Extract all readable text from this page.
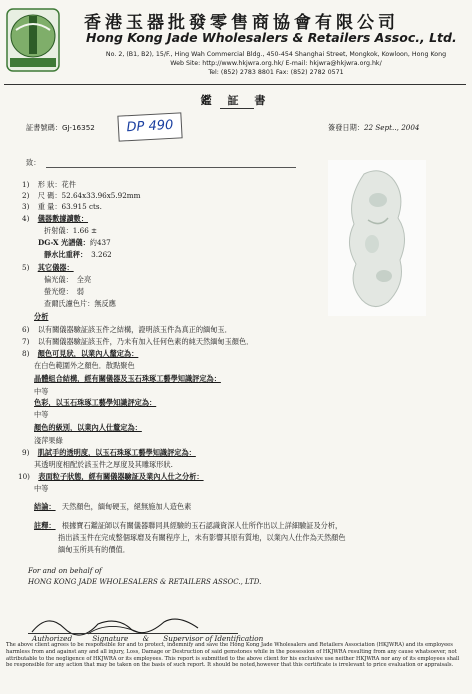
香港玉器批發零售商協會有限公司
Hong Kong Jade Wholesalers & Retailers Assoc., Ltd.
No. 2, (B1, B2), 15/F., Hing Wah Commercial Bldg., 450-454 Shanghai Street, Mongkok, Kowloon, Hong Kong
Web Site: http://www.hkjwra.org.hk/ E-mail: hkjwra@hkjwra.org.hk/
Tel: (852) 2783 8801 Fax: (852) 2782 0571
鑑 証 書
証書號碼：GJ-16352	DP 490	簽發日期：22 Sept.., 2004
致：
1) 形 狀：花件
2) 尺 碼：52.64x33.96x5.92mm
3) 重 量：63.915 cts.
4) 儀器數據讀數：
折射儀：1.66 ±
DG-X 光譜儀：約437
靜水比重秤： 3.262
5) 其它儀器：
偏光儀： 全亮
螢光燈： 弱
查爾氏濾色片：無反應
分析
6) 以有關儀器驗証該玉件之結構，證明該玉件為真正的緬甸玉．
7) 以有關儀器驗証該玉件，乃未有加入任何色素的純天然緬甸玉顏色．
8) 顏色可見狀，以業內人釐定為：
在白色範圍外之顏色．散點聚色
晶體組合結構，經有關儀器及玉石珠琢工藝學知識評定為：
中等
色彩，以玉石珠琢工藝學知識評定為：
中等
顏色的級別，以業內人仕釐定為：
淺萍果綠
9) 肌試手的透明度，以玉石珠琢工藝學知識評定為：
其透明度相配於該玉件之厚度及其雕琢形狀.
10) 表面粒子狀態，經有關儀器驗証及業內人仕之分析：
中等
結論： 天然顏色，緬甸硬玉，絕無施加人造色素
註釋： 根據寶石鑑証師以有關儀器聯同具經驗的玉石認識資深人仕所作出以上詳細驗証及分析，
指出該玉件在完成整個琢磨及有關程序上，未有影響其原有質地，以業內人仕作為天然顏色
緬甸玉所具有的價值．
For and on behalf of
HONG KONG JADE WHOLESALERS & RETAILERS ASSOC., LTD.
Authorized	Signature & Supervisor of Identification
The above client agrees to be responsible for and to protect, indemnify and save the Hong Kong Jade Wholesalers and Retailers Association (HKJWRA) and its employees harmless from and against any and all injury, Loss, Damage or Destruction of said gemstones while in the possession of HKJWRA resulting from any cause whatsoever, not attributable to the negligence of HKJWRA or its employees. This report is submitted to the above client for his exclusive use neither HKJWRA nor any of its employees shall be responsible for any action that may be taken on the basis of such report. It should be noted,however that this certificate is irrelevant to price evaluation or appraisals.
